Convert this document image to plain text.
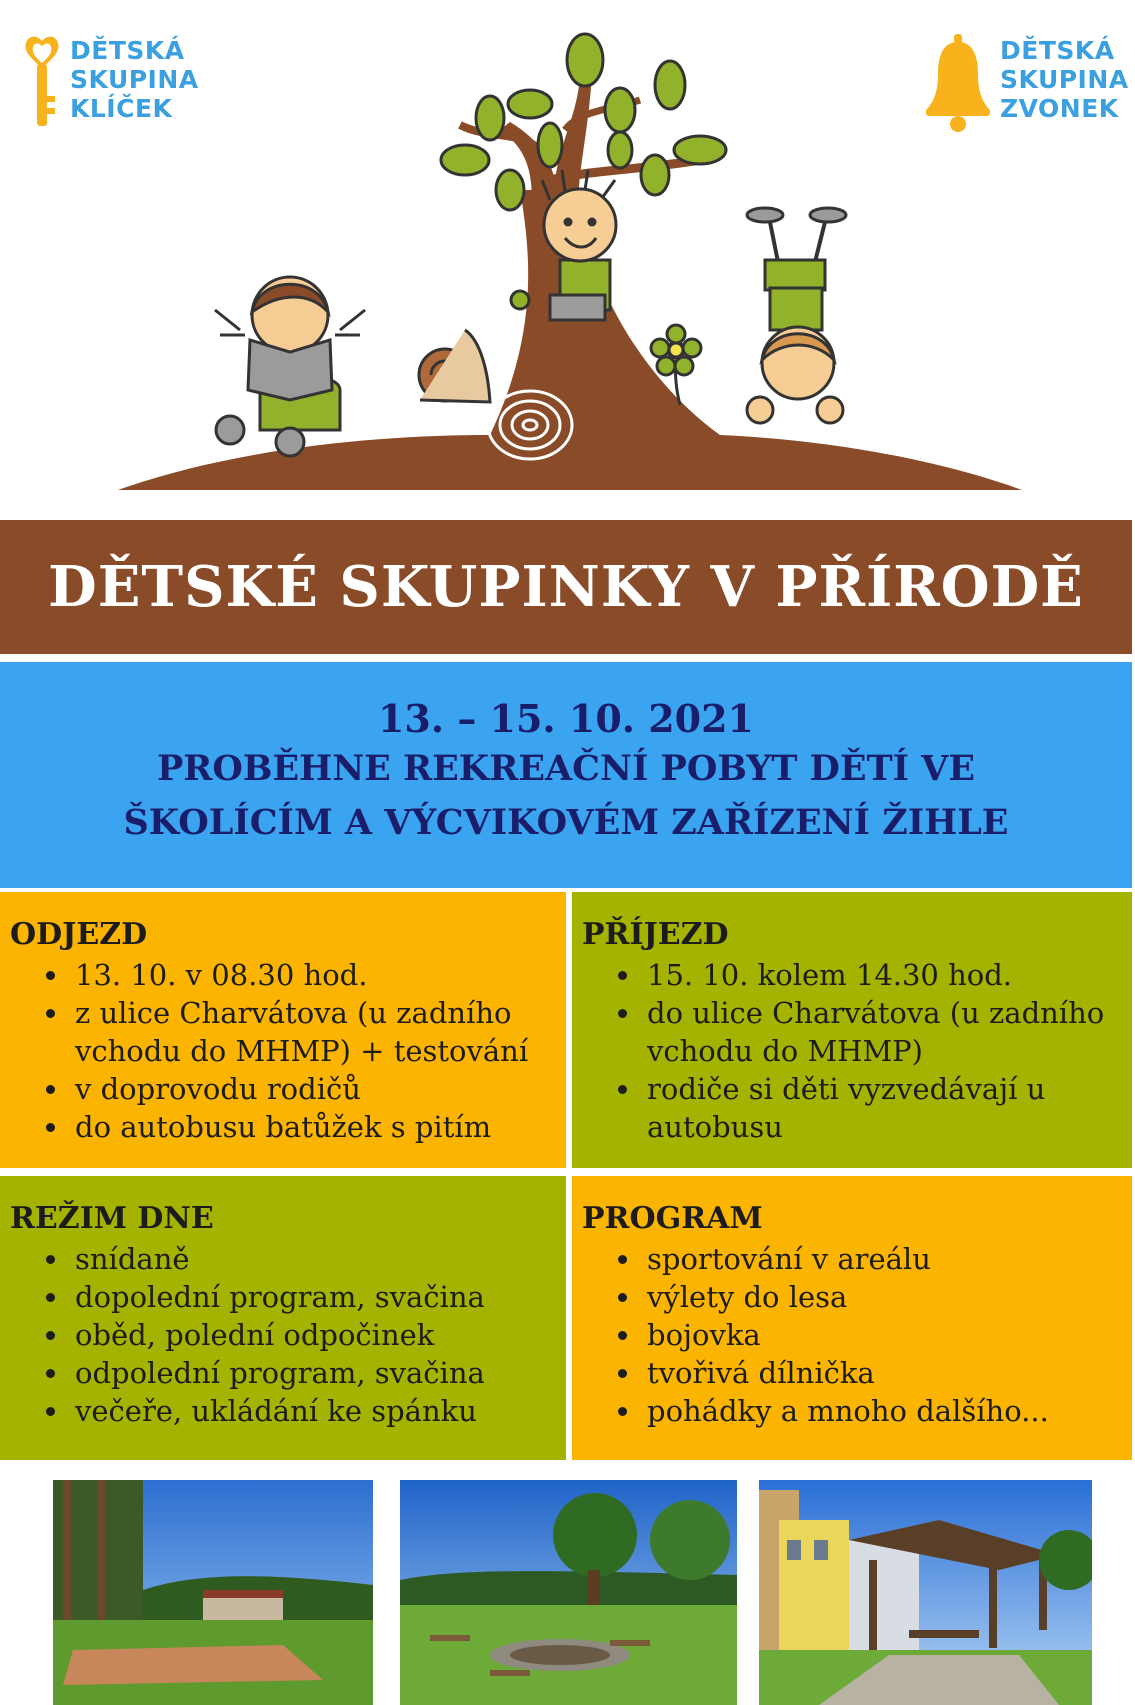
DĚTSKÁ
SKUPINA
KLÍČEK
DĚTSKÁ
SKUPINA
ZVONEK
DĚTSKÉ SKUPINKY V PŘÍRODĚ
13. – 15. 10. 2021
PROBĚHNE REKREAČNÍ POBYT DĚTÍ VE
ŠKOLÍCÍM A VÝCVIKOVÉM ZAŘÍZENÍ ŽIHLE
ODJEZD
13. 10. v 08.30 hod.
z ulice Charvátova (u zadního vchodu do MHMP) + testování
v doprovodu rodičů
do autobusu batůžek s pitím
PŘÍJEZD
15. 10. kolem 14.30 hod.
do ulice Charvátova (u zadního vchodu do MHMP)
rodiče si děti vyzvedávají u autobusu
REŽIM DNE
snídaně
dopolední program, svačina
oběd, polední odpočinek
odpolední program, svačina
večeře, ukládání ke spánku
PROGRAM
sportování v areálu
výlety do lesa
bojovka
tvořivá dílnička
pohádky a mnoho dalšího...
